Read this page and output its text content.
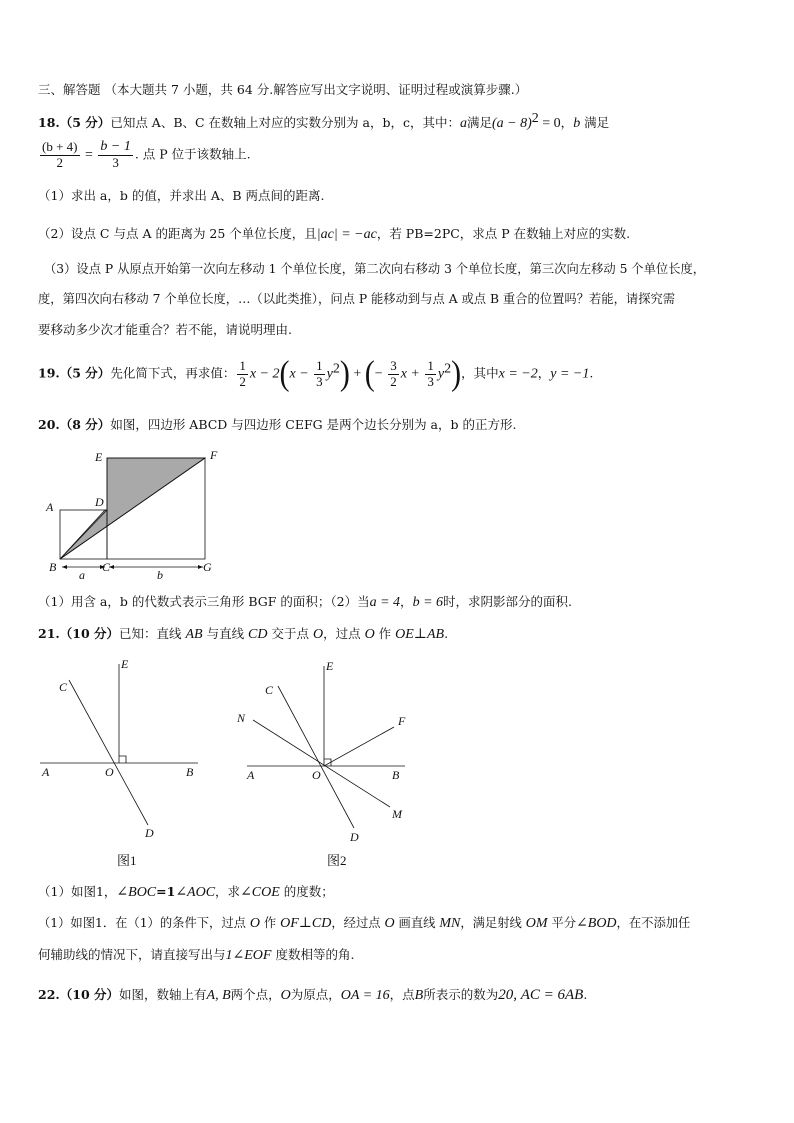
三、解答题 （本大题共 7 小题，共 64 分.解答应写出文字说明、证明过程或演算步骤.）
18.（5 分）已知点 A、B、C 在数轴上对应的实数分别为 a，b，c，其中：a满足$(a - 8)^2 = 0$，b 满足
$\frac{(b + 4)}{2} = \frac{b - 1}{3}$ . 点 P 位于该数轴上.
（1）求出 a，b 的值，并求出 A、B 两点间的距离.
（2）设点 C 与点 A 的距离为 25 个单位长度，且|ac| = −ac，若 PB=2PC，求点 P 在数轴上对应的实数.
（3）设点 P 从原点开始第一次向左移动 1 个单位长度，第二次向右移动 3 个单位长度，第三次向左移动 5 个单位长度，
度，第四次向右移动 7 个单位长度，…（以此类推），问点 P 能移动到与点 A 或点 B 重合的位置吗？若能，请探究需
要移动多少次才能重合？若不能，请说明理由.
19.（5 分）先化简下式，再求值： $\frac{1}{2}$ $x - 2(x - \frac{1}{3} y^2)$ + (− $\frac{3}{2}$ $x + \frac{1}{3} y^2$)，其中x = −2，y = −1.
20.（8 分）如图，四边形 ABCD 与四边形 CEFG 是两个边长分别为 a，b 的正方形.
E	F
A	D
B	C	G
a	b
（1）用含 a，b 的代数式表示三角形 BGF 的面积；（2）当a = 4，b = 6时，求阴影部分的面积.
21.（10 分）已知：直线 AB 与直线 CD 交于点 O，过点 O 作 OE⊥AB.
E
C
A	O	B
D
图1
E
C
N	F
A	O	B
M
D
图2
（1）如图1，∠BOC=1∠AOC，求∠COE 的度数；
（1）如图1．在（1）的条件下，过点 O 作 OF⊥CD，经过点 O 画直线 MN，满足射线 OM 平分∠BOD，在不添加任
何辅助线的情况下，请直接写出与1∠EOF 度数相等的角.
22.（10 分）如图，数轴上有A, B两个点，O为原点，OA = 16，点B所表示的数为20, AC = 6AB.
